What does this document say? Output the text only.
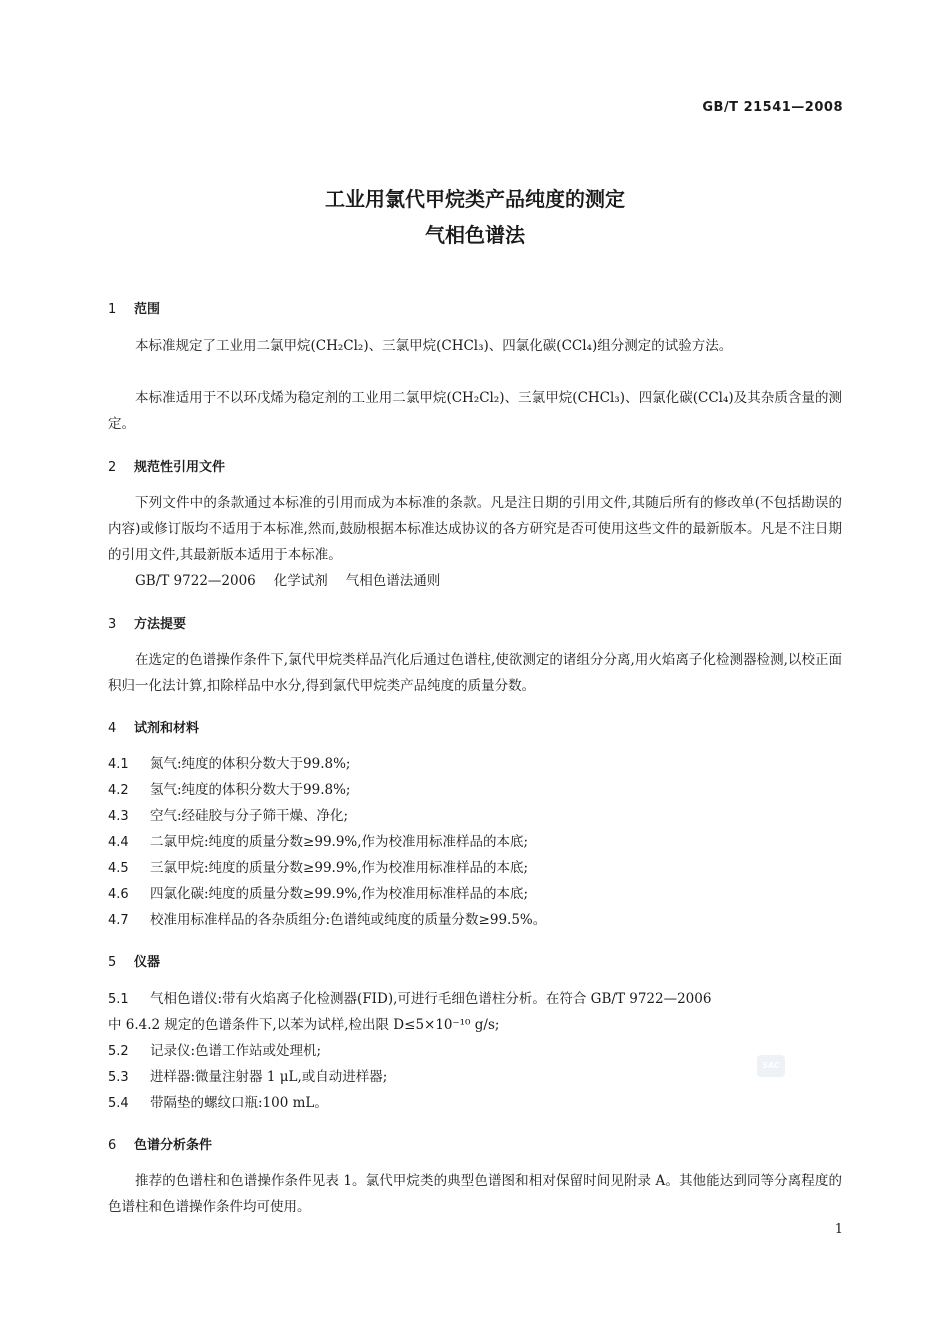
GB/T 21541—2008
工业用氯代甲烷类产品纯度的测定
气相色谱法
1 范围
本标准规定了工业用二氯甲烷(CH₂Cl₂)、三氯甲烷(CHCl₃)、四氯化碳(CCl₄)组分测定的试验方法。
本标准适用于不以环戊烯为稳定剂的工业用二氯甲烷(CH₂Cl₂)、三氯甲烷(CHCl₃)、四氯化碳(CCl₄)及其杂质含量的测定。
2 规范性引用文件
下列文件中的条款通过本标准的引用而成为本标准的条款。凡是注日期的引用文件,其随后所有的修改单(不包括勘误的内容)或修订版均不适用于本标准,然而,鼓励根据本标准达成协议的各方研究是否可使用这些文件的最新版本。凡是不注日期的引用文件,其最新版本适用于本标准。
GB/T 9722—2006 化学试剂 气相色谱法通则
3 方法提要
在选定的色谱操作条件下,氯代甲烷类样品汽化后通过色谱柱,使欲测定的诸组分分离,用火焰离子化检测器检测,以校正面积归一化法计算,扣除样品中水分,得到氯代甲烷类产品纯度的质量分数。
4 试剂和材料
4.1 氮气:纯度的体积分数大于99.8%;
4.2 氢气:纯度的体积分数大于99.8%;
4.3 空气:经硅胶与分子筛干燥、净化;
4.4 二氯甲烷:纯度的质量分数≥99.9%,作为校准用标准样品的本底;
4.5 三氯甲烷:纯度的质量分数≥99.9%,作为校准用标准样品的本底;
4.6 四氯化碳:纯度的质量分数≥99.9%,作为校准用标准样品的本底;
4.7 校准用标准样品的各杂质组分:色谱纯或纯度的质量分数≥99.5%。
5 仪器
5.1 气相色谱仪:带有火焰离子化检测器(FID),可进行毛细色谱柱分析。在符合 GB/T 9722—2006
中 6.4.2 规定的色谱条件下,以苯为试样,检出限 D≤5×10⁻¹⁰ g/s;
5.2 记录仪:色谱工作站或处理机;
5.3 进样器:微量注射器 1 μL,或自动进样器;
5.4 带隔垫的螺纹口瓶:100 mL。
6 色谱分析条件
推荐的色谱柱和色谱操作条件见表 1。氯代甲烷类的典型色谱图和相对保留时间见附录 A。其他能达到同等分离程度的色谱柱和色谱操作条件均可使用。
SAC
1
